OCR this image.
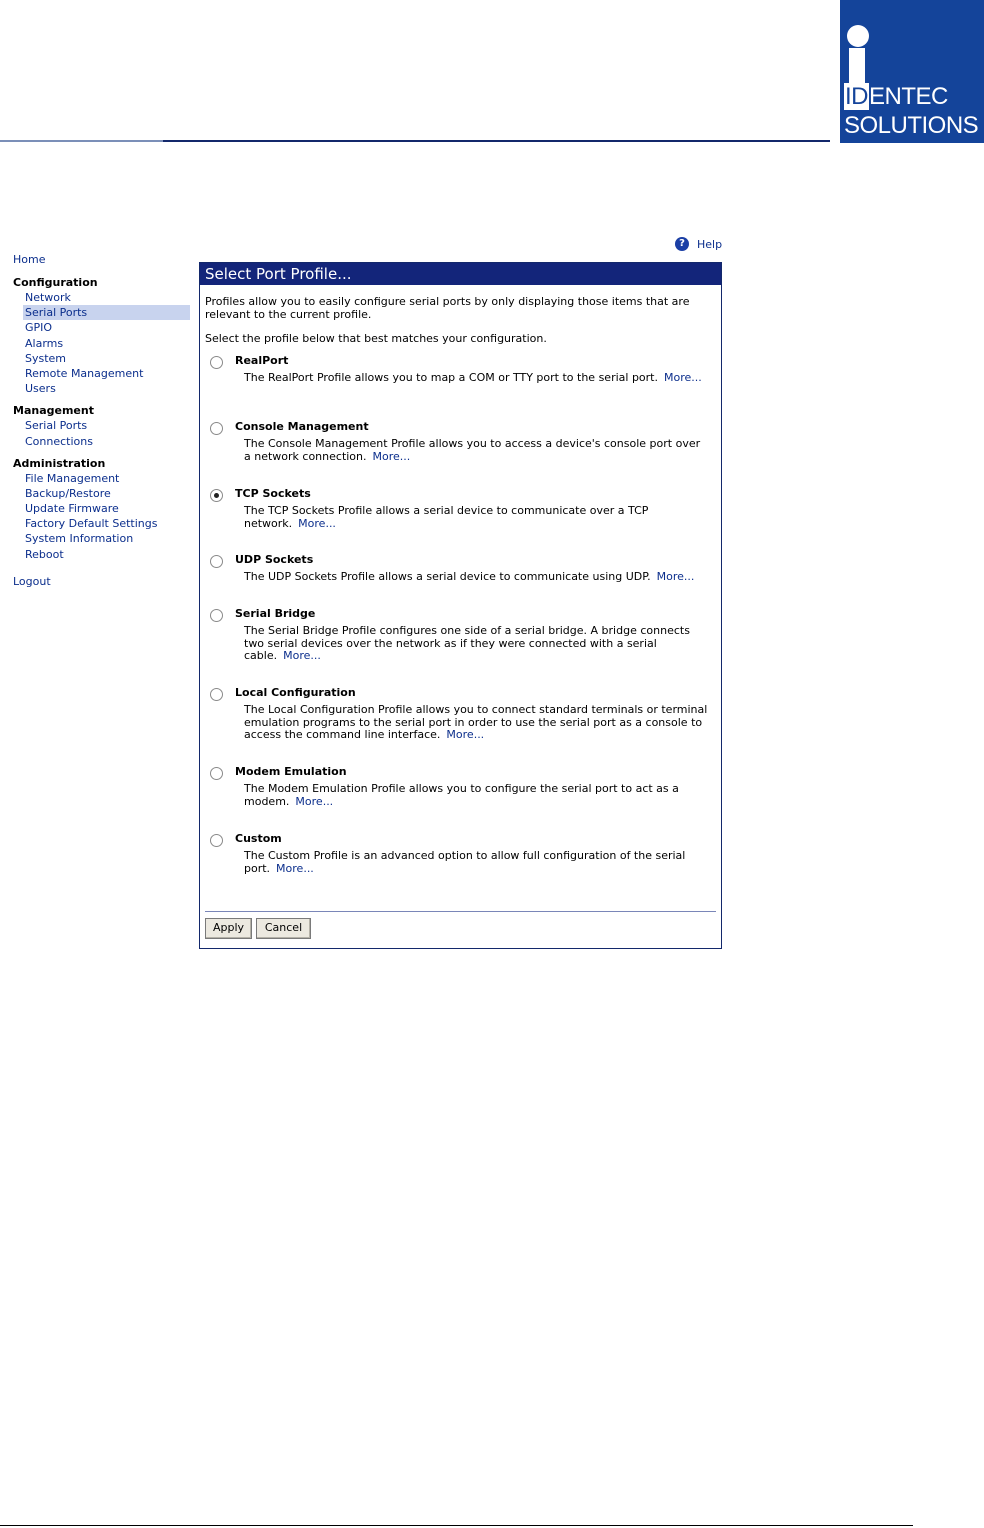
IDENTEC
SOLUTIONS
?	Help
Home
Configuration
Network
Serial Ports
GPIO
Alarms
System
Remote Management
Users
Management
Serial Ports
Connections
Administration
File Management
Backup/Restore
Update Firmware
Factory Default Settings
System Information
Reboot
Logout
Select Port Profile...
Profiles allow you to easily configure serial ports by only displaying those items that are relevant to the current profile.
Select the profile below that best matches your configuration.
RealPort
The RealPort Profile allows you to map a COM or TTY port to the serial port. More...
Console Management
The Console Management Profile allows you to access a device's console port over a network connection. More...
TCP Sockets
The TCP Sockets Profile allows a serial device to communicate over a TCP network. More...
UDP Sockets
The UDP Sockets Profile allows a serial device to communicate using UDP. More...
Serial Bridge
The Serial Bridge Profile configures one side of a serial bridge. A bridge connects two serial devices over the network as if they were connected with a serial cable. More...
Local Configuration
The Local Configuration Profile allows you to connect standard terminals or terminal emulation programs to the serial port in order to use the serial port as a console to access the command line interface. More...
Modem Emulation
The Modem Emulation Profile allows you to configure the serial port to act as a modem. More...
Custom
The Custom Profile is an advanced option to allow full configuration of the serial port. More...
Apply	Cancel
